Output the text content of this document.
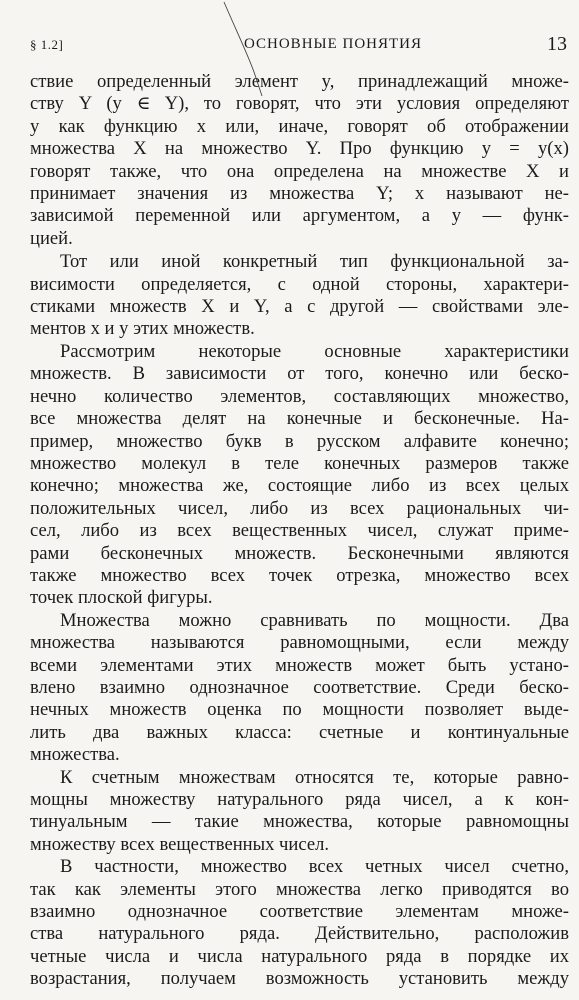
§ 1.2]	ОСНОВНЫЕ ПОНЯТИЯ	13

ствие определенный элемент y, принадлежащий множе-
ству Y (y ∈ Y), то говорят, что эти условия определяют
y как функцию x или, иначе, говорят об отображении
множества X на множество Y. Про функцию y = y(x)
говорят также, что она определена на множестве X и
принимает значения из множества Y; x называют не-
зависимой переменной или аргументом, а y — функ-
цией.

Тот или иной конкретный тип функциональной за-
висимости определяется, с одной стороны, характери-
стиками множеств X и Y, а с другой — свойствами эле-
ментов x и y этих множеств.

Рассмотрим некоторые основные характеристики
множеств. В зависимости от того, конечно или беско-
нечно количество элементов, составляющих множество,
все множества делят на конечные и бесконечные. На-
пример, множество букв в русском алфавите конечно;
множество молекул в теле конечных размеров также
конечно; множества же, состоящие либо из всех целых
положительных чисел, либо из всех рациональных чи-
сел, либо из всех вещественных чисел, служат приме-
рами бесконечных множеств. Бесконечными являются
также множество всех точек отрезка, множество всех
точек плоской фигуры.

Множества можно сравнивать по мощности. Два
множества называются равномощными, если между
всеми элементами этих множеств может быть устано-
влено взаимно однозначное соответствие. Среди беско-
нечных множеств оценка по мощности позволяет выде-
лить два важных класса: счетные и континуальные
множества.

К счетным множествам относятся те, которые равно-
мощны множеству натурального ряда чисел, а к кон-
тинуальным — такие множества, которые равномощны
множеству всех вещественных чисел.

В частности, множество всех четных чисел счетно,
так как элементы этого множества легко приводятся во
взаимно однозначное соответствие элементам множе-
ства натурального ряда. Действительно, расположив
четные числа и числа натурального ряда в порядке их
возрастания, получаем возможность установить между
